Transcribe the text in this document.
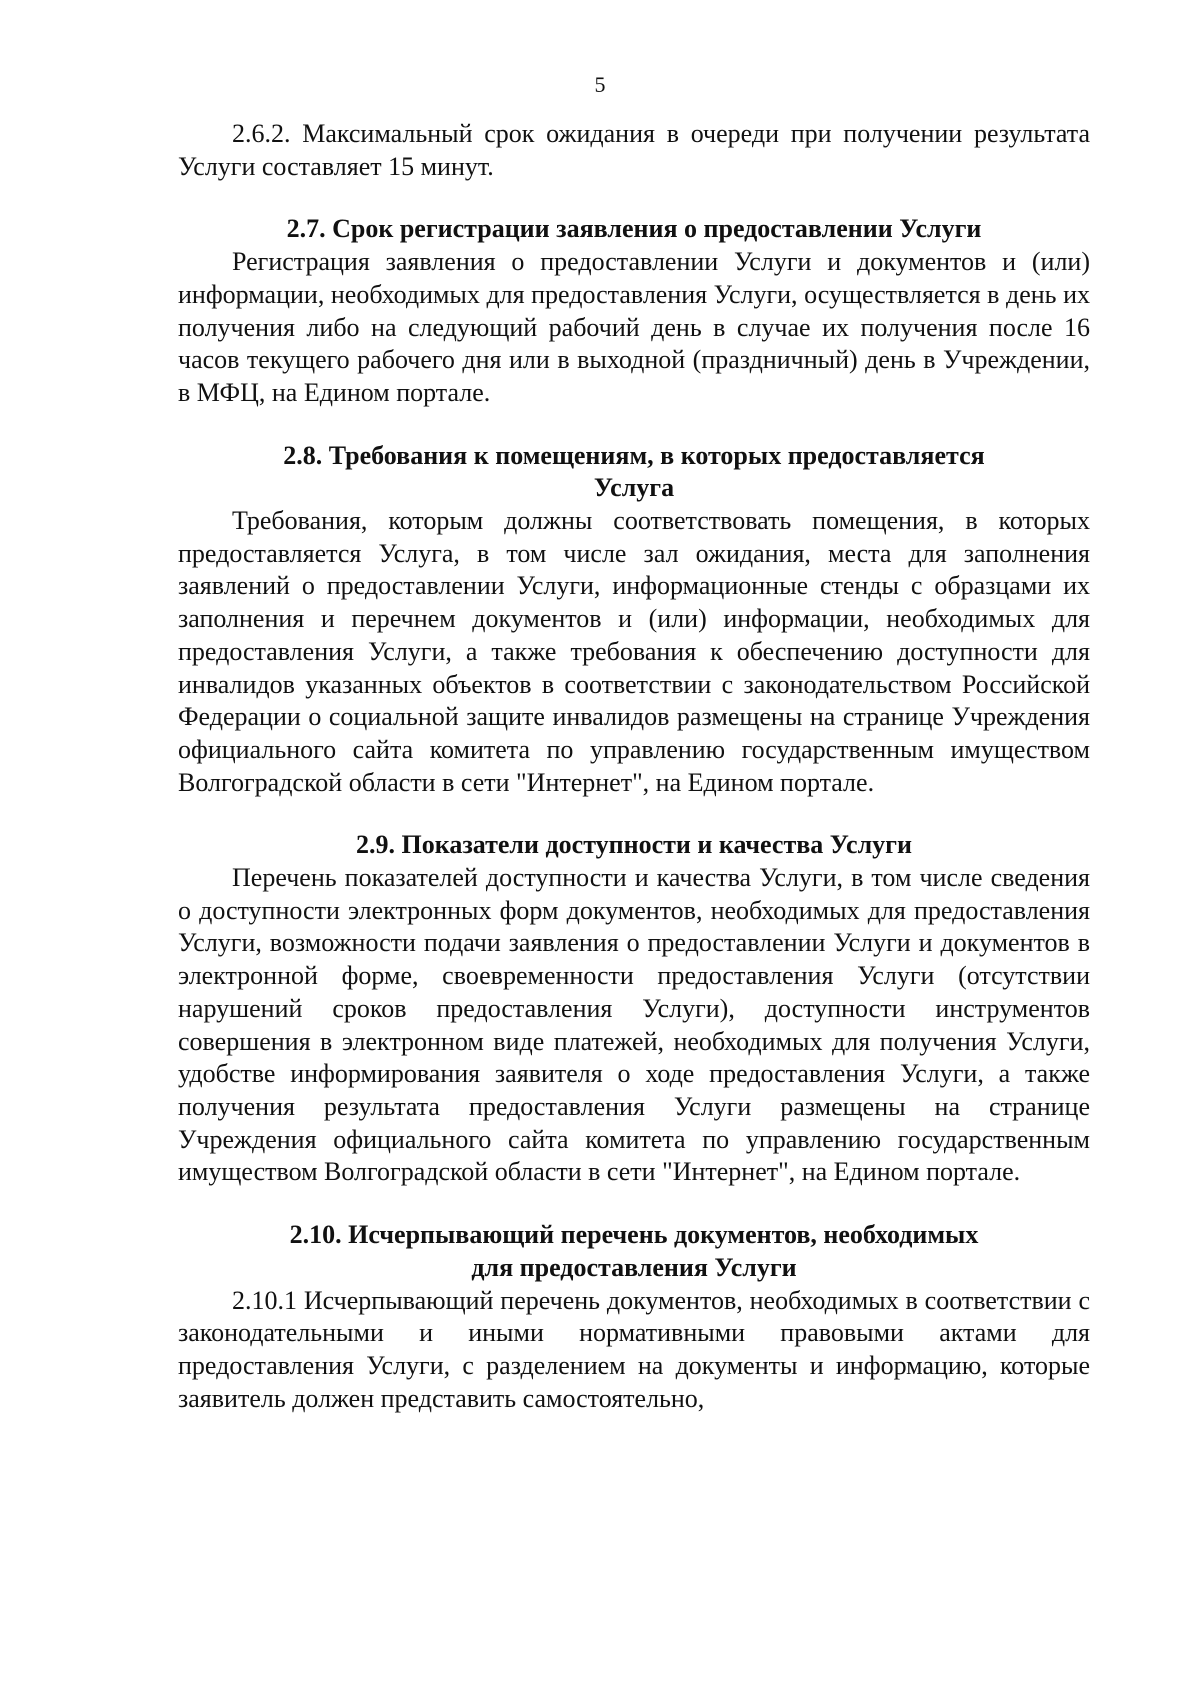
5

2.6.2. Максимальный срок ожидания в очереди при получении результата Услуги составляет 15 минут.

2.7. Срок регистрации заявления о предоставлении Услуги

Регистрация заявления о предоставлении Услуги и документов и (или) информации, необходимых для предоставления Услуги, осуществляется в день их получения либо на следующий рабочий день в случае их получения после 16 часов текущего рабочего дня или в выходной (праздничный) день в Учреждении, в МФЦ, на Едином портале.

2.8. Требования к помещениям, в которых предоставляется Услуга

Требования, которым должны соответствовать помещения, в которых предоставляется Услуга, в том числе зал ожидания, места для заполнения заявлений о предоставлении Услуги, информационные стенды с образцами их заполнения и перечнем документов и (или) информации, необходимых для предоставления Услуги, а также требования к обеспечению доступности для инвалидов указанных объектов в соответствии с законодательством Российской Федерации о социальной защите инвалидов размещены на странице Учреждения официального сайта комитета по управлению государственным имуществом Волгоградской области в сети "Интернет", на Едином портале.

2.9. Показатели доступности и качества Услуги

Перечень показателей доступности и качества Услуги, в том числе сведения о доступности электронных форм документов, необходимых для предоставления Услуги, возможности подачи заявления о предоставлении Услуги и документов в электронной форме, своевременности предоставления Услуги (отсутствии нарушений сроков предоставления Услуги), доступности инструментов совершения в электронном виде платежей, необходимых для получения Услуги, удобстве информирования заявителя о ходе предоставления Услуги, а также получения результата предоставления Услуги размещены на странице Учреждения официального сайта комитета по управлению государственным имуществом Волгоградской области в сети "Интернет", на Едином портале.

2.10. Исчерпывающий перечень документов, необходимых для предоставления Услуги

2.10.1 Исчерпывающий перечень документов, необходимых в соответствии с законодательными и иными нормативными правовыми актами для предоставления Услуги, с разделением на документы и информацию, которые заявитель должен представить самостоятельно,
